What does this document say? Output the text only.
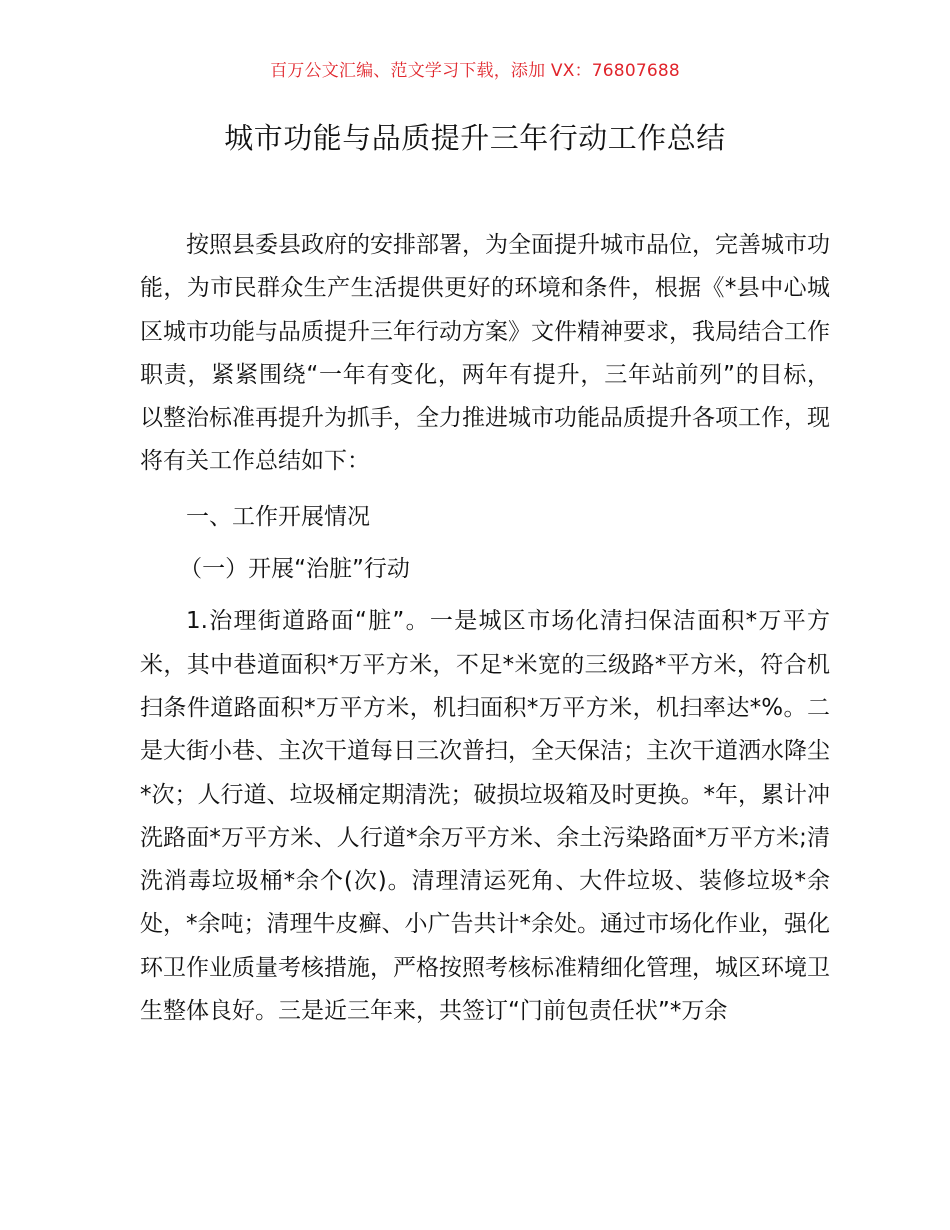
百万公文汇编、范文学习下载，添加 VX：76807688
城市功能与品质提升三年行动工作总结

按照县委县政府的安排部署，为全面提升城市品位，完善城市功能，为市民群众生产生活提供更好的环境和条件，根据《*县中心城区城市功能与品质提升三年行动方案》文件精神要求，我局结合工作职责，紧紧围绕“一年有变化，两年有提升，三年站前列”的目标，以整治标准再提升为抓手，全力推进城市功能品质提升各项工作，现将有关工作总结如下：

一、工作开展情况

（一）开展“治脏”行动

1.治理街道路面“脏”。一是城区市场化清扫保洁面积*万平方米，其中巷道面积*万平方米，不足*米宽的三级路*平方米，符合机扫条件道路面积*万平方米，机扫面积*万平方米，机扫率达*%。二是大街小巷、主次干道每日三次普扫，全天保洁；主次干道洒水降尘*次；人行道、垃圾桶定期清洗；破损垃圾箱及时更换。*年，累计冲洗路面*万平方米、人行道*余万平方米、余土污染路面*万平方米;清洗消毒垃圾桶*余个(次)。清理清运死角、大件垃圾、装修垃圾*余处，*余吨；清理牛皮癣、小广告共计*余处。通过市场化作业，强化环卫作业质量考核措施，严格按照考核标准精细化管理，城区环境卫生整体良好。三是近三年来，共签订“门前包责任状”*万余
